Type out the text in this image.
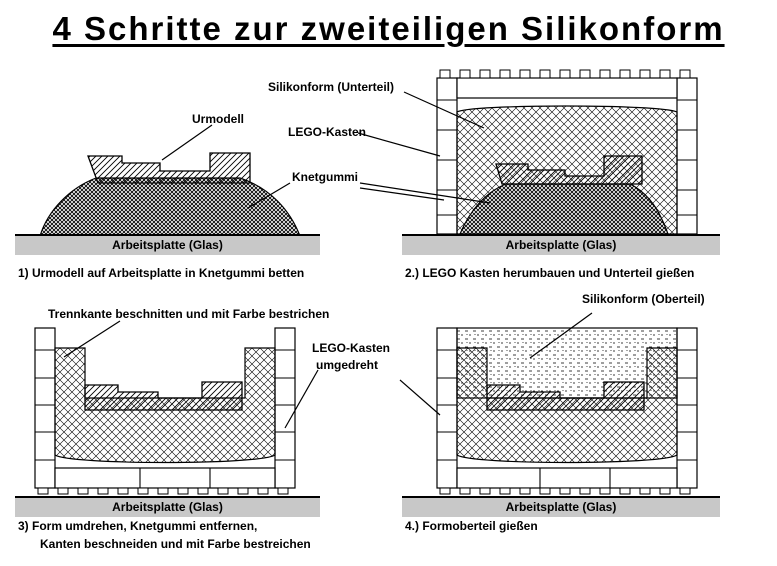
4 Schritte zur zweiteiligen Silikonform
Urmodell
Knetgummi
Arbeitsplatte (Glas)
1) Urmodell auf Arbeitsplatte in Knetgummi betten
Silikonform (Unterteil)
LEGO-Kasten
Arbeitsplatte (Glas)
2.) LEGO Kasten herumbauen und Unterteil gießen
Trennkante beschnitten und mit Farbe bestrichen
LEGO-Kasten
umgedreht
Arbeitsplatte (Glas)
3) Form umdrehen, Knetgummi entfernen,
Kanten beschneiden und mit Farbe bestreichen
Silikonform (Oberteil)
Arbeitsplatte (Glas)
4.) Formoberteil gießen
